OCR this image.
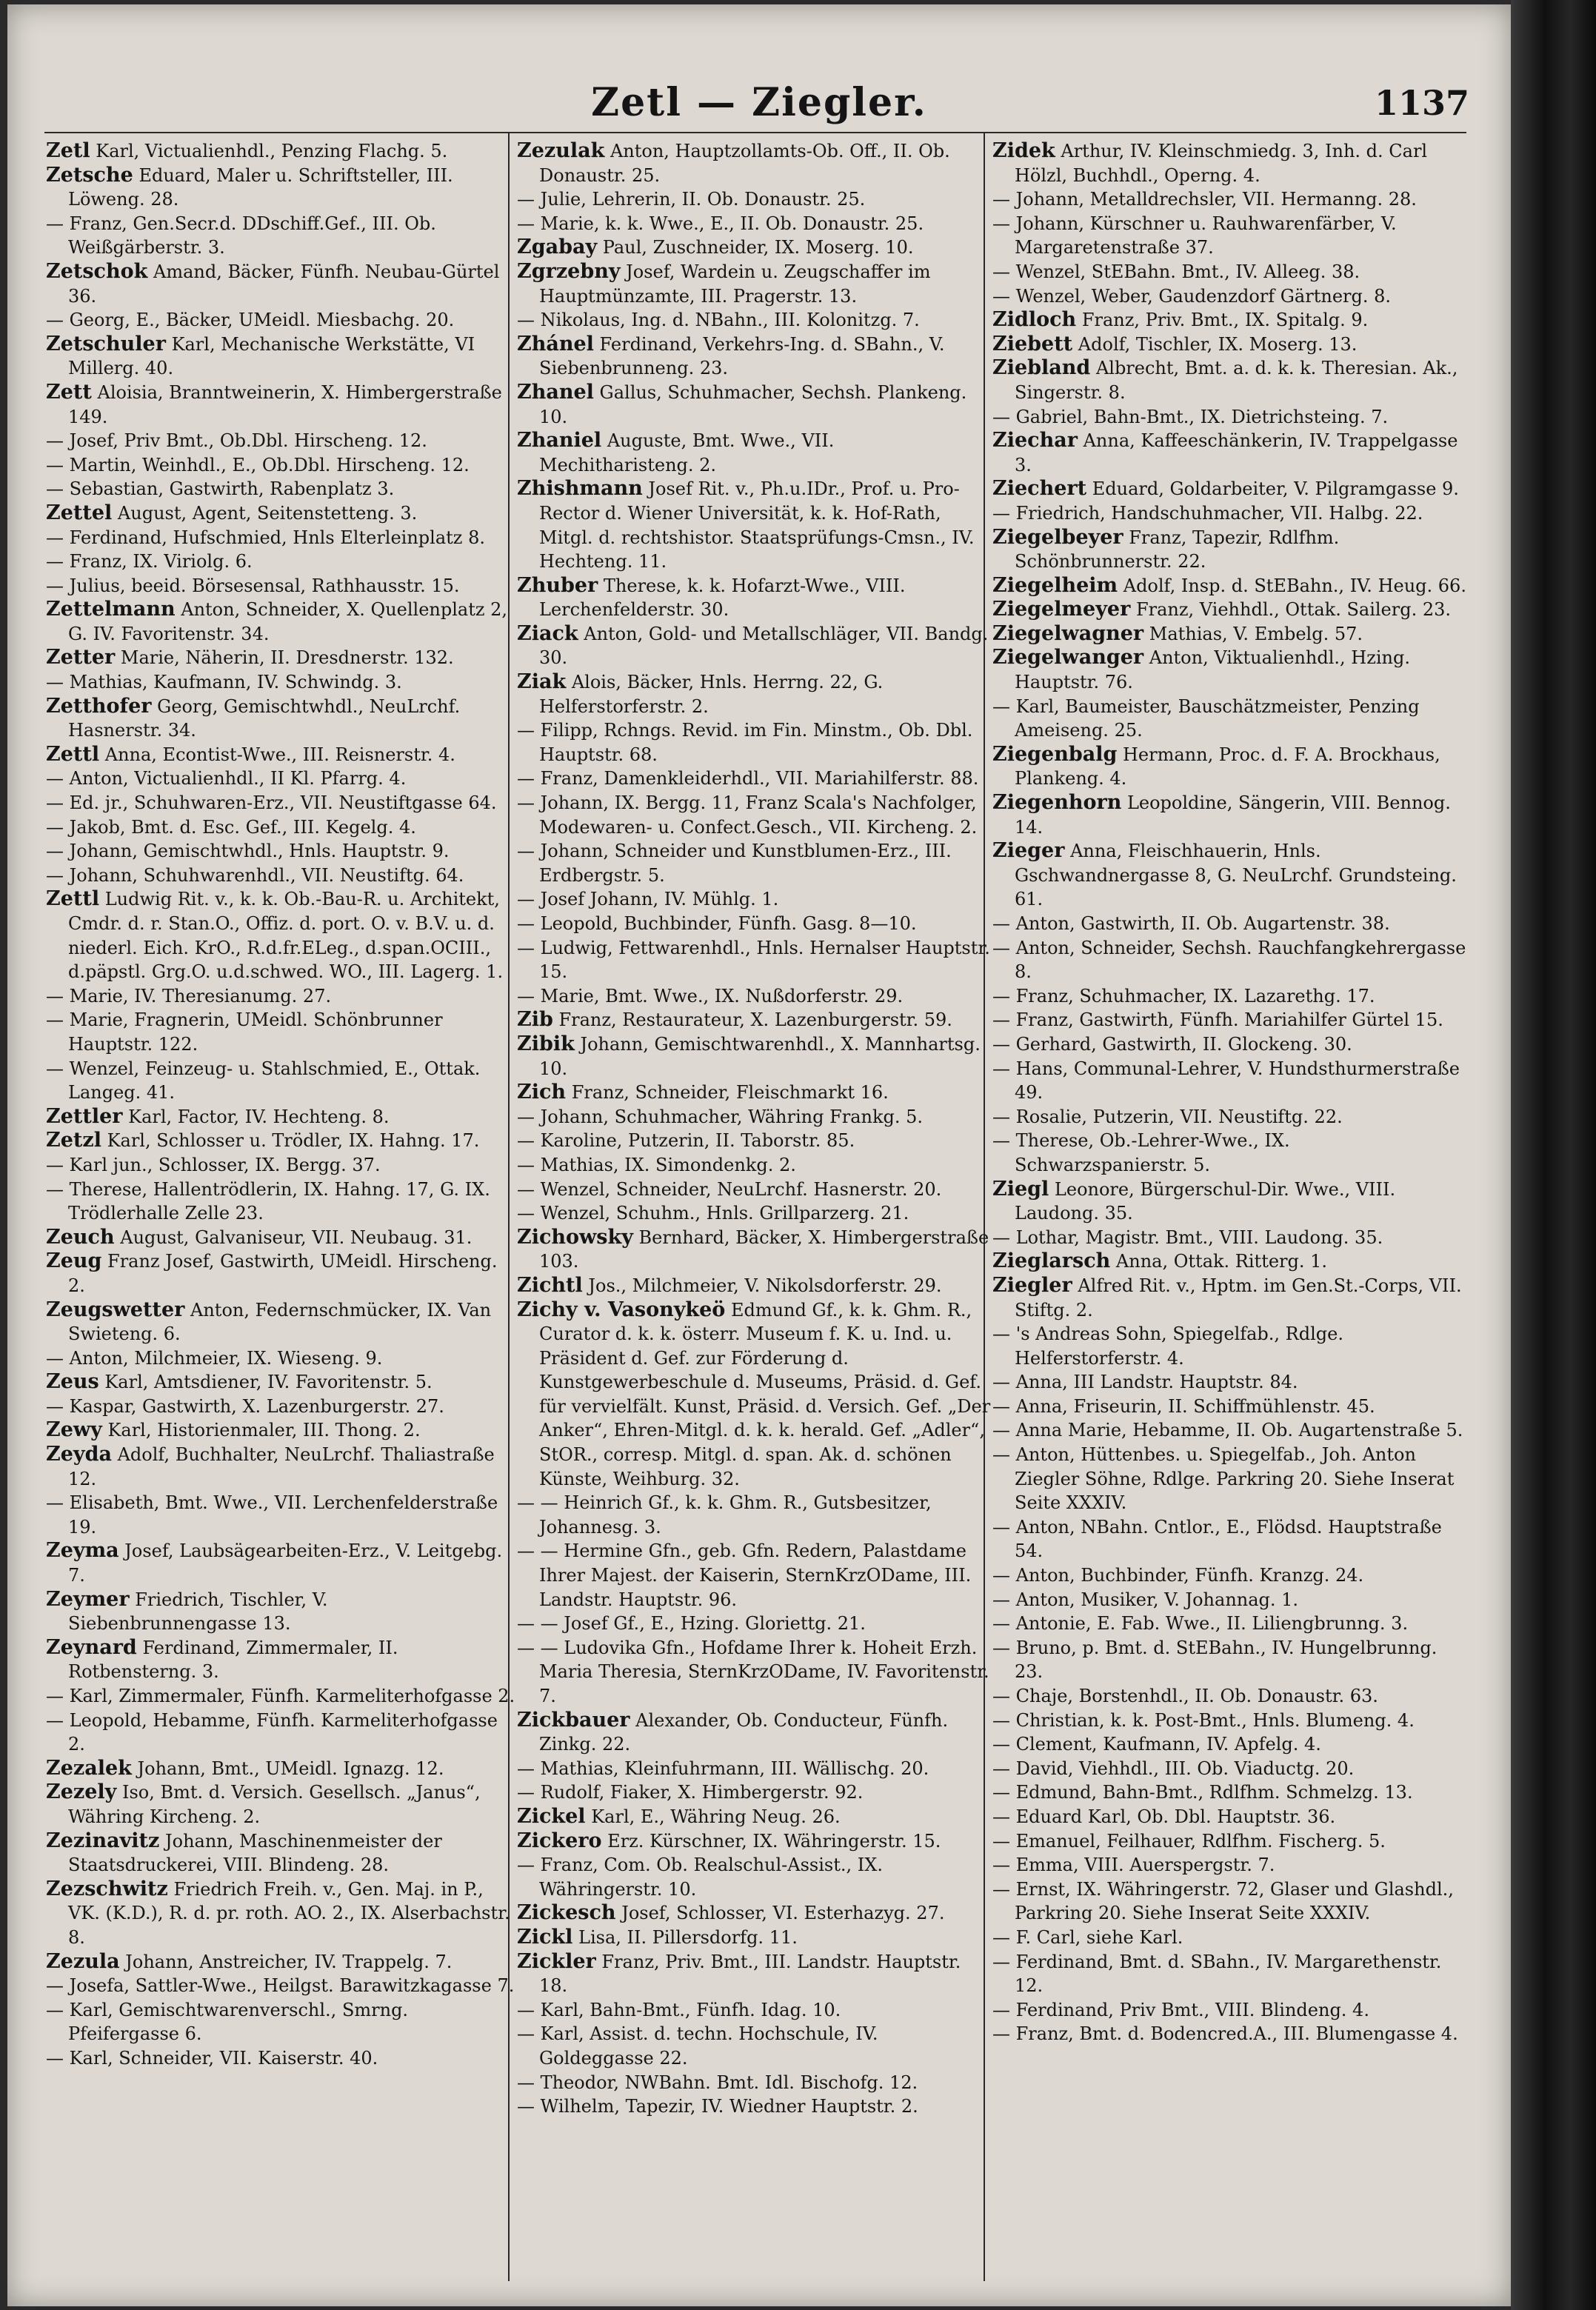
Zetl — Ziegler.	1137
Zetl Karl, Victualienhdl., Penzing Flachg. 5.
Zetsche Eduard, Maler u. Schriftsteller, III. Löweng. 28.
— Franz, Gen.Secr.d. DDschiff.Gef., III. Ob. Weißgärberstr. 3.
Zetschok Amand, Bäcker, Fünfh. Neubau-Gürtel 36.
— Georg, E., Bäcker, UMeidl. Miesbachg. 20.
Zetschuler Karl, Mechanische Werkstätte, VI Millerg. 40.
Zett Aloisia, Branntweinerin, X. Himbergerstraße 149.
— Josef, Priv Bmt., Ob.Dbl. Hirscheng. 12.
— Martin, Weinhdl., E., Ob.Dbl. Hirscheng. 12.
— Sebastian, Gastwirth, Rabenplatz 3.
Zettel August, Agent, Seitenstetteng. 3.
— Ferdinand, Hufschmied, Hnls Elterleinplatz 8.
— Franz, IX. Viriolg. 6.
— Julius, beeid. Börsesensal, Rathhausstr. 15.
Zettelmann Anton, Schneider, X. Quellenplatz 2, G. IV. Favoritenstr. 34.
Zetter Marie, Näherin, II. Dresdnerstr. 132.
— Mathias, Kaufmann, IV. Schwindg. 3.
Zetthofer Georg, Gemischtwhdl., NeuLrchf. Hasnerstr. 34.
Zettl Anna, Econtist-Wwe., III. Reisnerstr. 4.
— Anton, Victualienhdl., II Kl. Pfarrg. 4.
— Ed. jr., Schuhwaren-Erz., VII. Neustiftgasse 64.
— Jakob, Bmt. d. Esc. Gef., III. Kegelg. 4.
— Johann, Gemischtwhdl., Hnls. Hauptstr. 9.
— Johann, Schuhwarenhdl., VII. Neustiftg. 64.
Zettl Ludwig Rit. v., k. k. Ob.-Bau-R. u. Architekt, Cmdr. d. r. Stan.O., Offiz. d. port. O. v. B.V. u. d. niederl. Eich. KrO., R.d.fr.ELeg., d.span.OCIII., d.päpstl. Grg.O. u.d.schwed. WO., III. Lagerg. 1.
— Marie, IV. Theresianumg. 27.
— Marie, Fragnerin, UMeidl. Schönbrunner Hauptstr. 122.
— Wenzel, Feinzeug- u. Stahlschmied, E., Ottak. Langeg. 41.
Zettler Karl, Factor, IV. Hechteng. 8.
Zetzl Karl, Schlosser u. Trödler, IX. Hahng. 17.
— Karl jun., Schlosser, IX. Bergg. 37.
— Therese, Hallentrödlerin, IX. Hahng. 17, G. IX. Trödlerhalle Zelle 23.
Zeuch August, Galvaniseur, VII. Neubaug. 31.
Zeug Franz Josef, Gastwirth, UMeidl. Hirscheng. 2.
Zeugswetter Anton, Federnschmücker, IX. Van Swieteng. 6.
— Anton, Milchmeier, IX. Wieseng. 9.
Zeus Karl, Amtsdiener, IV. Favoritenstr. 5.
— Kaspar, Gastwirth, X. Lazenburgerstr. 27.
Zewy Karl, Historienmaler, III. Thong. 2.
Zeyda Adolf, Buchhalter, NeuLrchf. Thaliastraße 12.
— Elisabeth, Bmt. Wwe., VII. Lerchenfelderstraße 19.
Zeyma Josef, Laubsägearbeiten-Erz., V. Leitgebg. 7.
Zeymer Friedrich, Tischler, V. Siebenbrunnengasse 13.
Zeynard Ferdinand, Zimmermaler, II. Rotbensterng. 3.
— Karl, Zimmermaler, Fünfh. Karmeliterhofgasse 2.
— Leopold, Hebamme, Fünfh. Karmeliterhofgasse 2.
Zezalek Johann, Bmt., UMeidl. Ignazg. 12.
Zezely Iso, Bmt. d. Versich. Gesellsch. „Janus“, Währing Kircheng. 2.
Zezinavitz Johann, Maschinenmeister der Staatsdruckerei, VIII. Blindeng. 28.
Zezschwitz Friedrich Freih. v., Gen. Maj. in P., VK. (K.D.), R. d. pr. roth. AO. 2., IX. Alserbachstr. 8.
Zezula Johann, Anstreicher, IV. Trappelg. 7.
— Josefa, Sattler-Wwe., Heilgst. Barawitzkagasse 7.
— Karl, Gemischtwarenverschl., Smrng. Pfeifergasse 6.
— Karl, Schneider, VII. Kaiserstr. 40.
Zezulak Anton, Hauptzollamts-Ob. Off., II. Ob. Donaustr. 25.
— Julie, Lehrerin, II. Ob. Donaustr. 25.
— Marie, k. k. Wwe., E., II. Ob. Donaustr. 25.
Zgabay Paul, Zuschneider, IX. Moserg. 10.
Zgrzebny Josef, Wardein u. Zeugschaffer im Hauptmünzamte, III. Pragerstr. 13.
— Nikolaus, Ing. d. NBahn., III. Kolonitzg. 7.
Zhánel Ferdinand, Verkehrs-Ing. d. SBahn., V. Siebenbrunneng. 23.
Zhanel Gallus, Schuhmacher, Sechsh. Plankeng. 10.
Zhaniel Auguste, Bmt. Wwe., VII. Mechitharisteng. 2.
Zhishmann Josef Rit. v., Ph.u.IDr., Prof. u. Pro-Rector d. Wiener Universität, k. k. Hof-Rath, Mitgl. d. rechtshistor. Staatsprüfungs-Cmsn., IV. Hechteng. 11.
Zhuber Therese, k. k. Hofarzt-Wwe., VIII. Lerchenfelderstr. 30.
Ziack Anton, Gold- und Metallschläger, VII. Bandg. 30.
Ziak Alois, Bäcker, Hnls. Herrng. 22, G. Helferstorferstr. 2.
— Filipp, Rchngs. Revid. im Fin. Minstm., Ob. Dbl. Hauptstr. 68.
— Franz, Damenkleiderhdl., VII. Mariahilferstr. 88.
— Johann, IX. Bergg. 11, Franz Scala's Nachfolger, Modewaren- u. Confect.Gesch., VII. Kircheng. 2.
— Johann, Schneider und Kunstblumen-Erz., III. Erdbergstr. 5.
— Josef Johann, IV. Mühlg. 1.
— Leopold, Buchbinder, Fünfh. Gasg. 8—10.
— Ludwig, Fettwarenhdl., Hnls. Hernalser Hauptstr. 15.
— Marie, Bmt. Wwe., IX. Nußdorferstr. 29.
Zib Franz, Restaurateur, X. Lazenburgerstr. 59.
Zibik Johann, Gemischtwarenhdl., X. Mannhartsg. 10.
Zich Franz, Schneider, Fleischmarkt 16.
— Johann, Schuhmacher, Währing Frankg. 5.
— Karoline, Putzerin, II. Taborstr. 85.
— Mathias, IX. Simondenkg. 2.
— Wenzel, Schneider, NeuLrchf. Hasnerstr. 20.
— Wenzel, Schuhm., Hnls. Grillparzerg. 21.
Zichowsky Bernhard, Bäcker, X. Himbergerstraße 103.
Zichtl Jos., Milchmeier, V. Nikolsdorferstr. 29.
Zichy v. Vasonykeö Edmund Gf., k. k. Ghm. R., Curator d. k. k. österr. Museum f. K. u. Ind. u. Präsident d. Gef. zur Förderung d. Kunstgewerbeschule d. Museums, Präsid. d. Gef. für vervielfält. Kunst, Präsid. d. Versich. Gef. „Der Anker“, Ehren-Mitgl. d. k. k. herald. Gef. „Adler“, StOR., corresp. Mitgl. d. span. Ak. d. schönen Künste, Weihburg. 32.
— — Heinrich Gf., k. k. Ghm. R., Gutsbesitzer, Johannesg. 3.
— — Hermine Gfn., geb. Gfn. Redern, Palastdame Ihrer Majest. der Kaiserin, SternKrzODame, III. Landstr. Hauptstr. 96.
— — Josef Gf., E., Hzing. Gloriettg. 21.
— — Ludovika Gfn., Hofdame Ihrer k. Hoheit Erzh. Maria Theresia, SternKrzODame, IV. Favoritenstr. 7.
Zickbauer Alexander, Ob. Conducteur, Fünfh. Zinkg. 22.
— Mathias, Kleinfuhrmann, III. Wällischg. 20.
— Rudolf, Fiaker, X. Himbergerstr. 92.
Zickel Karl, E., Währing Neug. 26.
Zickero Erz. Kürschner, IX. Währingerstr. 15.
— Franz, Com. Ob. Realschul-Assist., IX. Währingerstr. 10.
Zickesch Josef, Schlosser, VI. Esterhazyg. 27.
Zickl Lisa, II. Pillersdorfg. 11.
Zickler Franz, Priv. Bmt., III. Landstr. Hauptstr. 18.
— Karl, Bahn-Bmt., Fünfh. Idag. 10.
— Karl, Assist. d. techn. Hochschule, IV. Goldeggasse 22.
— Theodor, NWBahn. Bmt. Idl. Bischofg. 12.
— Wilhelm, Tapezir, IV. Wiedner Hauptstr. 2.
Zidek Arthur, IV. Kleinschmiedg. 3, Inh. d. Carl Hölzl, Buchhdl., Operng. 4.
— Johann, Metalldrechsler, VII. Hermanng. 28.
— Johann, Kürschner u. Rauhwarenfärber, V. Margaretenstraße 37.
— Wenzel, StEBahn. Bmt., IV. Alleeg. 38.
— Wenzel, Weber, Gaudenzdorf Gärtnerg. 8.
Zidloch Franz, Priv. Bmt., IX. Spitalg. 9.
Ziebett Adolf, Tischler, IX. Moserg. 13.
Ziebland Albrecht, Bmt. a. d. k. k. Theresian. Ak., Singerstr. 8.
— Gabriel, Bahn-Bmt., IX. Dietrichsteing. 7.
Ziechar Anna, Kaffeeschänkerin, IV. Trappelgasse 3.
Ziechert Eduard, Goldarbeiter, V. Pilgramgasse 9.
— Friedrich, Handschuhmacher, VII. Halbg. 22.
Ziegelbeyer Franz, Tapezir, Rdlfhm. Schönbrunnerstr. 22.
Ziegelheim Adolf, Insp. d. StEBahn., IV. Heug. 66.
Ziegelmeyer Franz, Viehhdl., Ottak. Sailerg. 23.
Ziegelwagner Mathias, V. Embelg. 57.
Ziegelwanger Anton, Viktualienhdl., Hzing. Hauptstr. 76.
— Karl, Baumeister, Bauschätzmeister, Penzing Ameiseng. 25.
Ziegenbalg Hermann, Proc. d. F. A. Brockhaus, Plankeng. 4.
Ziegenhorn Leopoldine, Sängerin, VIII. Bennog. 14.
Zieger Anna, Fleischhauerin, Hnls. Gschwandnergasse 8, G. NeuLrchf. Grundsteing. 61.
— Anton, Gastwirth, II. Ob. Augartenstr. 38.
— Anton, Schneider, Sechsh. Rauchfangkehrergasse 8.
— Franz, Schuhmacher, IX. Lazarethg. 17.
— Franz, Gastwirth, Fünfh. Mariahilfer Gürtel 15.
— Gerhard, Gastwirth, II. Glockeng. 30.
— Hans, Communal-Lehrer, V. Hundsthurmerstraße 49.
— Rosalie, Putzerin, VII. Neustiftg. 22.
— Therese, Ob.-Lehrer-Wwe., IX. Schwarzspanierstr. 5.
Ziegl Leonore, Bürgerschul-Dir. Wwe., VIII. Laudong. 35.
— Lothar, Magistr. Bmt., VIII. Laudong. 35.
Zieglarsch Anna, Ottak. Ritterg. 1.
Ziegler Alfred Rit. v., Hptm. im Gen.St.-Corps, VII. Stiftg. 2.
— 's Andreas Sohn, Spiegelfab., Rdlge. Helferstorferstr. 4.
— Anna, III Landstr. Hauptstr. 84.
— Anna, Friseurin, II. Schiffmühlenstr. 45.
— Anna Marie, Hebamme, II. Ob. Augartenstraße 5.
— Anton, Hüttenbes. u. Spiegelfab., Joh. Anton Ziegler Söhne, Rdlge. Parkring 20. Siehe Inserat Seite XXXIV.
— Anton, NBahn. Cntlor., E., Flödsd. Hauptstraße 54.
— Anton, Buchbinder, Fünfh. Kranzg. 24.
— Anton, Musiker, V. Johannag. 1.
— Antonie, E. Fab. Wwe., II. Liliengbrunng. 3.
— Bruno, p. Bmt. d. StEBahn., IV. Hungelbrunng. 23.
— Chaje, Borstenhdl., II. Ob. Donaustr. 63.
— Christian, k. k. Post-Bmt., Hnls. Blumeng. 4.
— Clement, Kaufmann, IV. Apfelg. 4.
— David, Viehhdl., III. Ob. Viaductg. 20.
— Edmund, Bahn-Bmt., Rdlfhm. Schmelzg. 13.
— Eduard Karl, Ob. Dbl. Hauptstr. 36.
— Emanuel, Feilhauer, Rdlfhm. Fischerg. 5.
— Emma, VIII. Auerspergstr. 7.
— Ernst, IX. Währingerstr. 72, Glaser und Glashdl., Parkring 20. Siehe Inserat Seite XXXIV.
— F. Carl, siehe Karl.
— Ferdinand, Bmt. d. SBahn., IV. Margarethenstr. 12.
— Ferdinand, Priv Bmt., VIII. Blindeng. 4.
— Franz, Bmt. d. Bodencred.A., III. Blumengasse 4.
